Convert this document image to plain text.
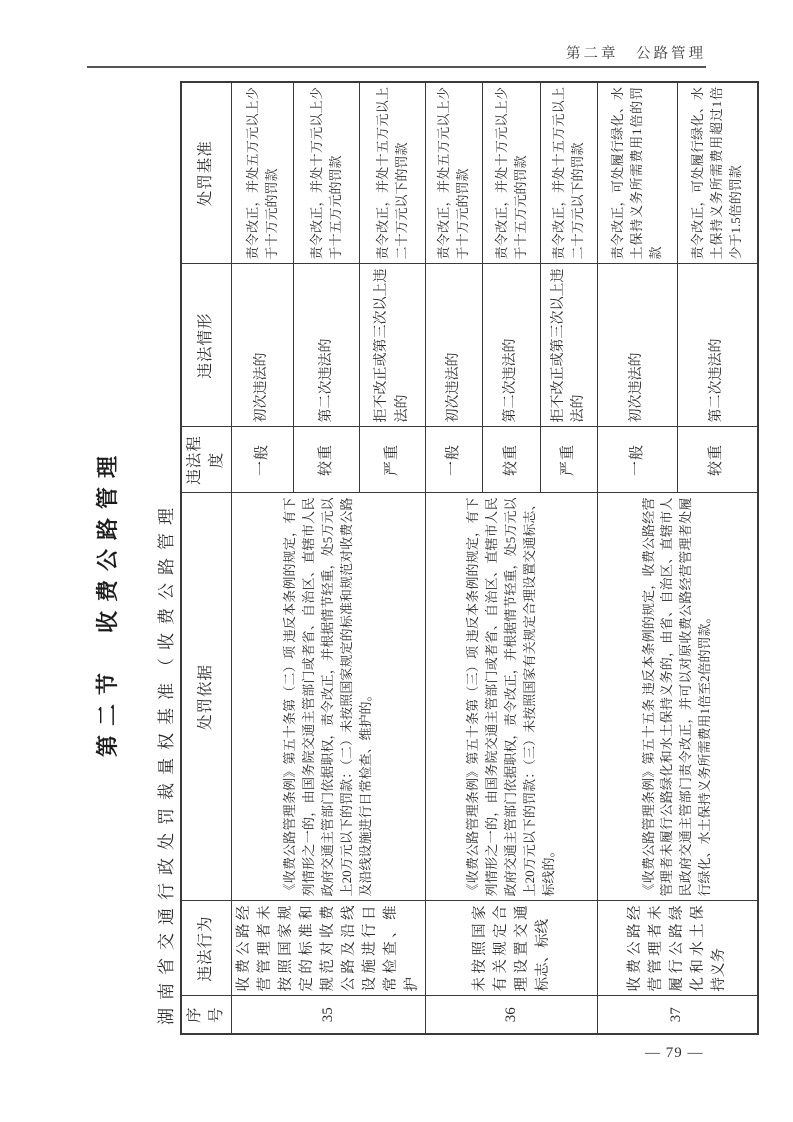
第二章　公路管理
第二节　收费公路管理 湖南省交通行政处罚裁量权基准（收费公路管理 序号	违法行为	处罚依据	违法程度	违法情形	处罚基准
35	收费公路经营管理者未按照国家规定的标准和规范对收费公路及沿线设施进行日常检查、维护	《收费公路管理条例》第五十条第（二）项 违反本条例的规定，有下列情形之一的，由国务院交通主管部门或者省、自治区、直辖市人民政府交通主管部门依据职权，责令改正，并根据情节轻重，处5万元以上20万元以下的罚款：（二）未按照国家规定的标准和规范对收费公路及沿线设施进行日常检查、维护的。	一般	初次违法的	责令改正，并处五万元以上少于十万元的罚款
			较重	第二次违法的	责令改正，并处十万元以上少于十五万元的罚款
			严重	拒不改正或第三次以上违法的	责令改正，并处十五万元以上二十万元以下的罚款
36	未按照国家有关规定合理设置交通标志、标线	《收费公路管理条例》第五十条第（三）项 违反本条例的规定，有下列情形之一的，由国务院交通主管部门或者省、自治区、直辖市人民政府交通主管部门依据职权，责令改正，并根据情节轻重，处5万元以上20万元以下的罚款：（三）未按照国家有关规定合理设置交通标志、标线的。	一般	初次违法的	责令改正，并处五万元以上少于十万元的罚款
			较重	第二次违法的	责令改正，并处十万元以上少于十五万元的罚款
			严重	拒不改正或第三次以上违法的	责令改正，并处十五万元以上二十万元以下的罚款
37	收费公路经营管理者未履行公路绿化和水土保持义务	《收费公路管理条例》第五十五条 违反本条例的规定，收费公路经营管理者未履行公路绿化和水土保持义务的，由省、自治区、直辖市人民政府交通主管部门责令改正，并可以对原收费公路经营管理者处履行绿化、水土保持义务所需费用1倍至2倍的罚款。	一般	初次违法的	责令改正，可处履行绿化、水土保持义务所需费用1倍的罚款
			较重	第二次违法的	责令改正，可处履行绿化、水土保持义务所需费用超过1倍少于1.5倍的罚款
— 79 —
